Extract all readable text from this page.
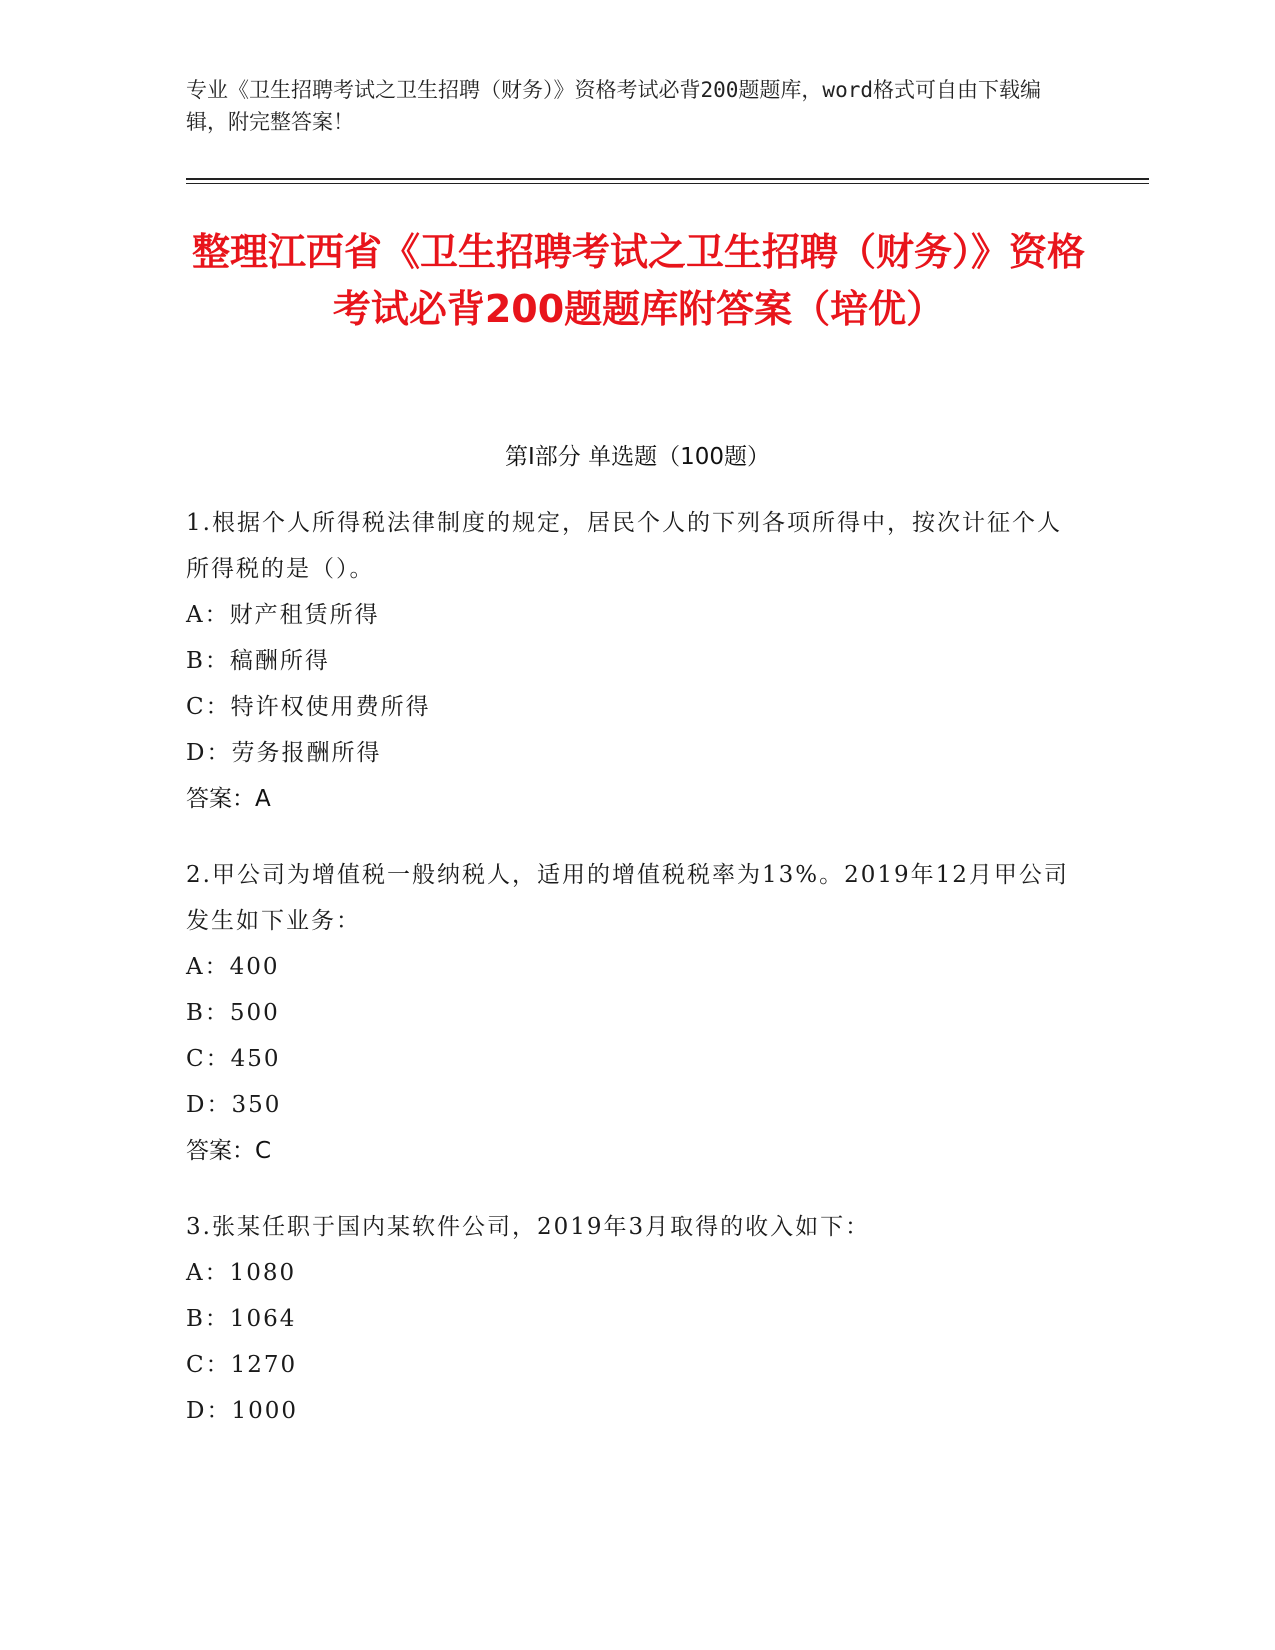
专业《卫生招聘考试之卫生招聘（财务）》资格考试必背200题题库，word格式可自由下载编辑，附完整答案！
整理江西省《卫生招聘考试之卫生招聘（财务）》资格考试必背200题题库附答案（培优）
第I部分 单选题（100题）

1.根据个人所得税法律制度的规定，居民个人的下列各项所得中，按次计征个人所得税的是（）。

A：财产租赁所得

B：稿酬所得

C：特许权使用费所得

D：劳务报酬所得

答案：A

2.甲公司为增值税一般纳税人，适用的增值税税率为13%。2019年12月甲公司发生如下业务：

A：400

B：500

C：450

D：350

答案：C

3.张某任职于国内某软件公司，2019年3月取得的收入如下：

A：1080

B：1064

C：1270

D：1000
